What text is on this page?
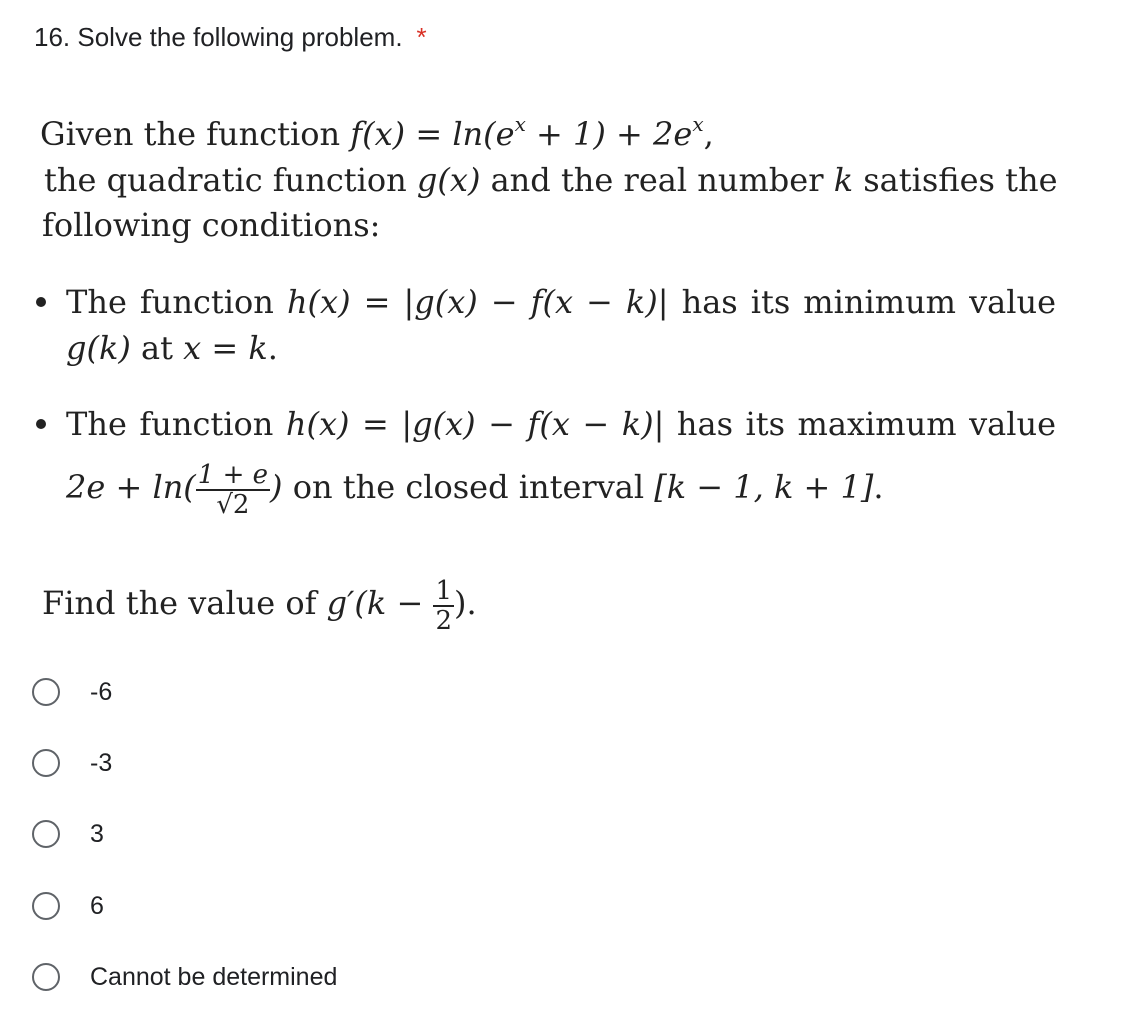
16. Solve the following problem. *
Given the function $f(x) = \ln(e^x + 1) + 2e^x$,
the quadratic function g(x) and the real number k satisfies the
following conditions:
The function h(x) = |g(x) − f(x − k)| has its minimum value
g(k) at x = k.
The function h(x) = |g(x) − f(x − k)| has its maximum value
$2e + \ln( \frac{1 + e}{√2}$ ) on the closed interval [k − 1, k + 1].
Find the value of $g'(k - \frac{1}{2}$ ).
-6
-3
3
6
Cannot be determined
